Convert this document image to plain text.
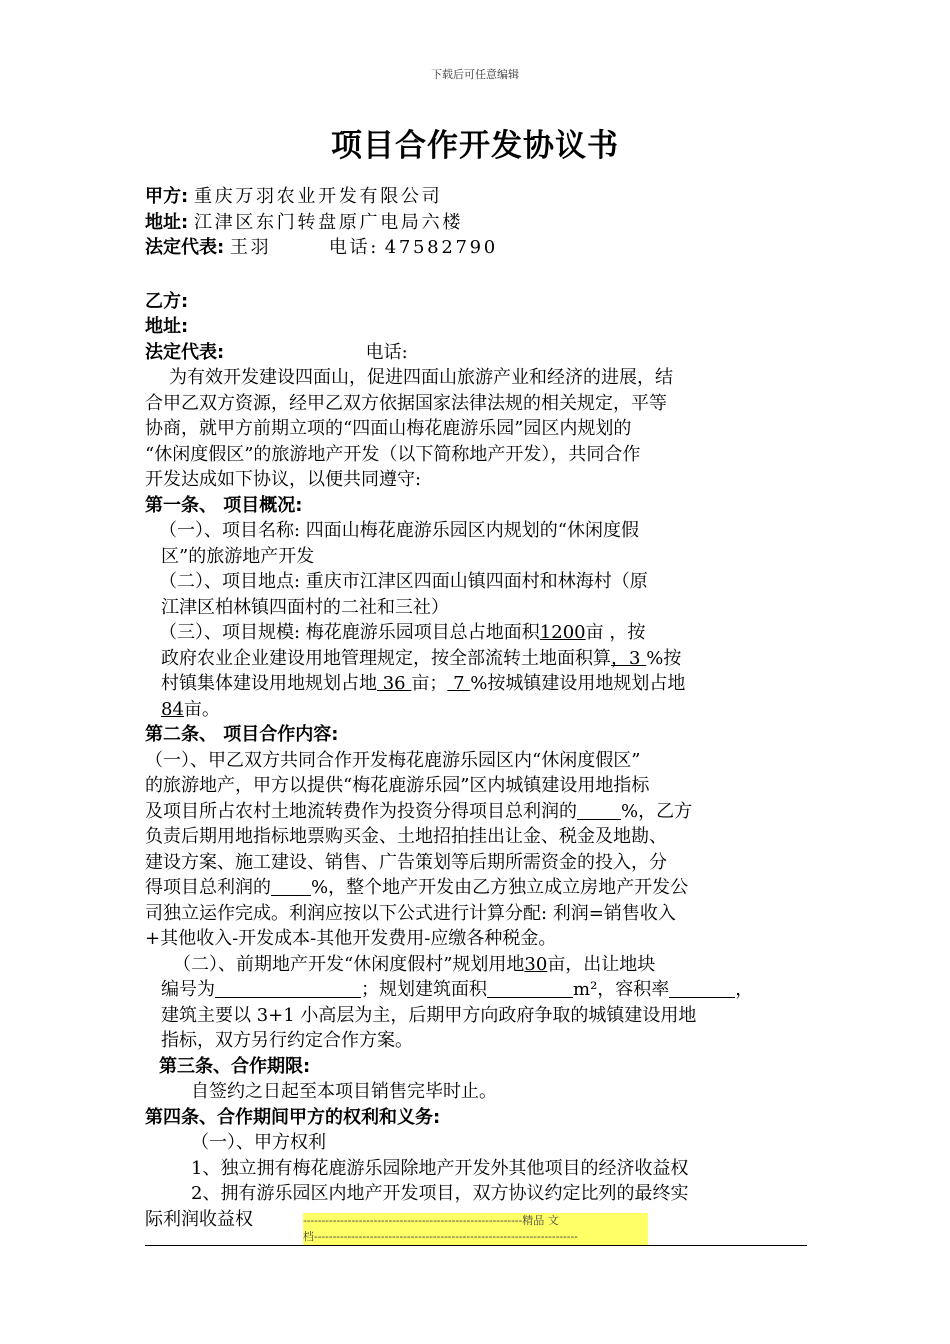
下载后可任意编辑
项目合作开发协议书
甲方: 重庆万羽农业开发有限公司
地址: 江津区东门转盘原广电局六楼
法定代表: 王羽	电话: 47582790
乙方:
地址:
法定代表:	电话:
为有效开发建设四面山，促进四面山旅游产业和经济的进展，结
合甲乙双方资源，经甲乙双方依据国家法律法规的相关规定，平等
协商，就甲方前期立项的“四面山梅花鹿游乐园”园区内规划的
“休闲度假区”的旅游地产开发（以下简称地产开发），共同合作
开发达成如下协议，以便共同遵守:
第一条、 项目概况:
（一）、项目名称: 四面山梅花鹿游乐园区内规划的“休闲度假
区”的旅游地产开发
（二）、项目地点: 重庆市江津区四面山镇四面村和林海村（原
江津区柏林镇四面村的二社和三社）
（三）、项目规模: 梅花鹿游乐园项目总占地面积1200亩 ，按
政府农业企业建设用地管理规定，按全部流转土地面积算，3 %按
村镇集体建设用地规划占地 36 亩； 7 %按城镇建设用地规划占地
84亩。
第二条、 项目合作内容:
（一）、甲乙双方共同合作开发梅花鹿游乐园区内“休闲度假区”
的旅游地产，甲方以提供“梅花鹿游乐园”区内城镇建设用地指标
及项目所占农村土地流转费作为投资分得项目总利润的 %，乙方
负责后期用地指标地票购买金、土地招拍挂出让金、税金及地勘、
建设方案、施工建设、销售、广告策划等后期所需资金的投入，分
得项目总利润的 %，整个地产开发由乙方独立成立房地产开发公
司独立运作完成。利润应按以下公式进行计算分配: 利润=销售收入
+其他收入-开发成本-其他开发费用-应缴各种税金。
（二）、前期地产开发“休闲度假村”规划用地30亩，出让地块
编号为	；规划建筑面积	m²，容积率	，
建筑主要以 3+1 小高层为主，后期甲方向政府争取的城镇建设用地
指标，双方另行约定合作方案。
第三条、合作期限:
自签约之日起至本项目销售完毕时止。
第四条、合作期间甲方的权利和义务:
（一）、甲方权利
1、独立拥有梅花鹿游乐园除地产开发外其他项目的经济收益权
2、拥有游乐园区内地产开发项目，双方协议约定比列的最终实
际利润收益权	-----------------------------------------------------------精品 文
档-----------------------------------------------------------------------
